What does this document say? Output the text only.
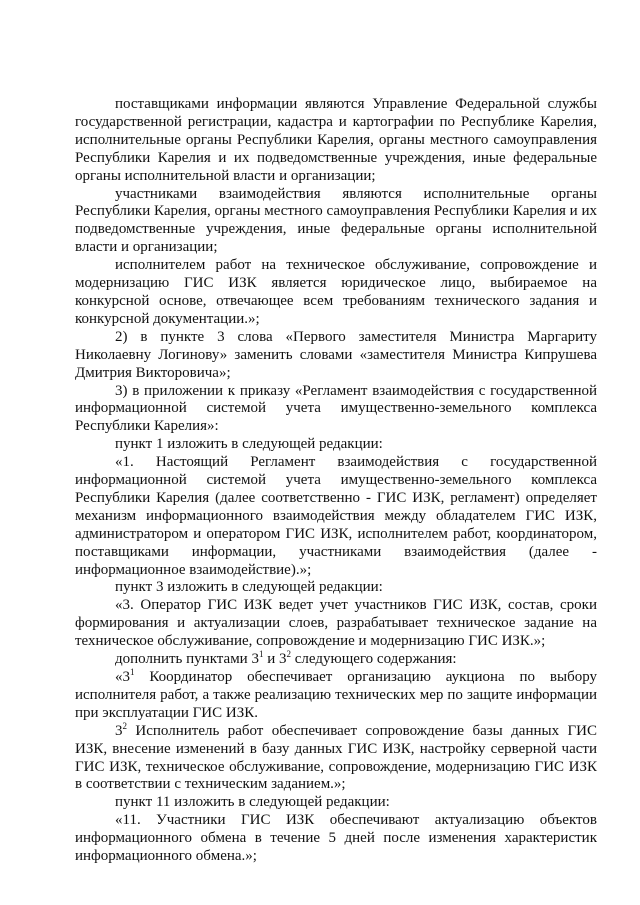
поставщиками информации являются Управление Федеральной службы государственной регистрации, кадастра и картографии по Республике Карелия, исполнительные органы Республики Карелия, органы местного самоуправления Республики Карелия и их подведомственные учреждения, иные федеральные органы исполнительной власти и организации;

участниками взаимодействия являются исполнительные органы Республики Карелия, органы местного самоуправления Республики Карелия и их подведомственные учреждения, иные федеральные органы исполнительной власти и организации;

исполнителем работ на техническое обслуживание, сопровождение и модернизацию ГИС ИЗК является юридическое лицо, выбираемое на конкурсной основе, отвечающее всем требованиям технического задания и конкурсной документации.»;

2) в пункте 3 слова «Первого заместителя Министра Маргариту Николаевну Логинову» заменить словами «заместителя Министра Кипрушева Дмитрия Викторовича»;

3) в приложении к приказу «Регламент взаимодействия с государственной информационной системой учета имущественно-земельного комплекса Республики Карелия»:

пункт 1 изложить в следующей редакции:

«1. Настоящий Регламент взаимодействия с государственной информационной системой учета имущественно-земельного комплекса Республики Карелия (далее соответственно - ГИС ИЗК, регламент) определяет механизм информационного взаимодействия между обладателем ГИС ИЗК, администратором и оператором ГИС ИЗК, исполнителем работ, координатором, поставщиками информации, участниками взаимодействия (далее - информационное взаимодействие).»;

пункт 3 изложить в следующей редакции:

«3. Оператор ГИС ИЗК ведет учет участников ГИС ИЗК, состав, сроки формирования и актуализации слоев, разрабатывает техническое задание на техническое обслуживание, сопровождение и модернизацию ГИС ИЗК.»;

дополнить пунктами $3^1$ и $3^2$ следующего содержания:

«$3^1$ Координатор обеспечивает организацию аукциона по выбору исполнителя работ, а также реализацию технических мер по защите информации при эксплуатации ГИС ИЗК.

$3^2$ Исполнитель работ обеспечивает сопровождение базы данных ГИС ИЗК, внесение изменений в базу данных ГИС ИЗК, настройку серверной части ГИС ИЗК, техническое обслуживание, сопровождение, модернизацию ГИС ИЗК в соответствии с техническим заданием.»;

пункт 11 изложить в следующей редакции:

«11. Участники ГИС ИЗК обеспечивают актуализацию объектов информационного обмена в течение 5 дней после изменения характеристик информационного обмена.»;
